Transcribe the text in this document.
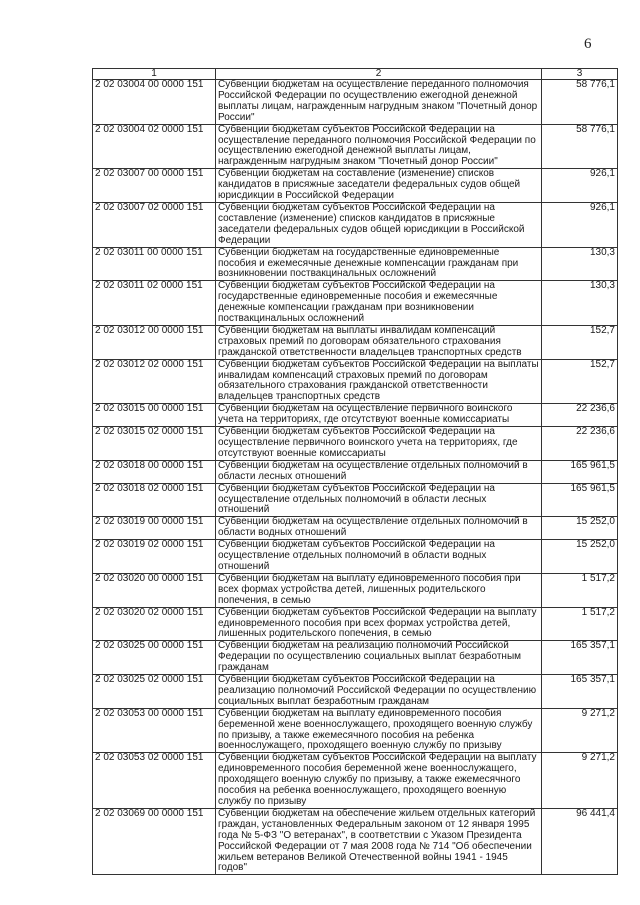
6
1	2	3
2 02 03004 00 0000 151	Субвенции бюджетам на осуществление переданного полномочия Российской Федерации по осуществлению ежегодной денежной выплаты лицам, награжденным нагрудным знаком "Почетный донор России"	58 776,1
2 02 03004 02 0000 151	Субвенции бюджетам субъектов Российской Федерации на осуществление переданного полномочия Российской Федерации по осуществлению ежегодной денежной выплаты лицам, награжденным нагрудным знаком "Почетный донор России"	58 776,1
2 02 03007 00 0000 151	Субвенции бюджетам на составление (изменение) списков кандидатов в присяжные заседатели федеральных судов общей юрисдикции в Российской Федерации	926,1
2 02 03007 02 0000 151	Субвенции бюджетам субъектов Российской Федерации на составление (изменение) списков кандидатов в присяжные заседатели федеральных судов общей юрисдикции в Российской Федерации	926,1
2 02 03011 00 0000 151	Субвенции бюджетам на государственные единовременные пособия и ежемесячные денежные компенсации гражданам при возникновении поствакцинальных осложнений	130,3
2 02 03011 02 0000 151	Субвенции бюджетам субъектов Российской Федерации на государственные единовременные пособия и ежемесячные денежные компенсации гражданам при возникновении поствакцинальных осложнений	130,3
2 02 03012 00 0000 151	Субвенции бюджетам на выплаты инвалидам компенсаций страховых премий по договорам обязательного страхования гражданской ответственности владельцев транспортных средств	152,7
2 02 03012 02 0000 151	Субвенции бюджетам субъектов Российской Федерации на выплаты инвалидам компенсаций страховых премий по договорам обязательного страхования гражданской ответственности владельцев транспортных средств	152,7
2 02 03015 00 0000 151	Субвенции бюджетам на осуществление первичного воинского учета на территориях, где отсутствуют военные комиссариаты	22 236,6
2 02 03015 02 0000 151	Субвенции бюджетам субъектов Российской Федерации на осуществление первичного воинского учета на территориях, где отсутствуют военные комиссариаты	22 236,6
2 02 03018 00 0000 151	Субвенции бюджетам на осуществление отдельных полномочий в области лесных отношений	165 961,5
2 02 03018 02 0000 151	Субвенции бюджетам субъектов Российской Федерации на осуществление отдельных полномочий в области лесных отношений	165 961,5
2 02 03019 00 0000 151	Субвенции бюджетам на осуществление отдельных полномочий в области водных отношений	15 252,0
2 02 03019 02 0000 151	Субвенции бюджетам субъектов Российской Федерации на осуществление отдельных полномочий в области водных отношений	15 252,0
2 02 03020 00 0000 151	Субвенции бюджетам на выплату единовременного пособия при всех формах устройства детей, лишенных родительского попечения, в семью	1 517,2
2 02 03020 02 0000 151	Субвенции бюджетам субъектов Российской Федерации на выплату единовременного пособия при всех формах устройства детей, лишенных родительского попечения, в семью	1 517,2
2 02 03025 00 0000 151	Субвенции бюджетам на реализацию полномочий Российской Федерации по осуществлению социальных выплат безработным гражданам	165 357,1
2 02 03025 02 0000 151	Субвенции бюджетам субъектов Российской Федерации на реализацию полномочий Российской Федерации по осуществлению социальных выплат безработным гражданам	165 357,1
2 02 03053 00 0000 151	Субвенции бюджетам на выплату единовременного пособия беременной жене военнослужащего, проходящего военную службу по призыву, а также ежемесячного пособия на ребенка военнослужащего, проходящего военную службу по призыву	9 271,2
2 02 03053 02 0000 151	Субвенции бюджетам субъектов Российской Федерации на выплату единовременного пособия беременной жене военнослужащего, проходящего военную службу по призыву, а также ежемесячного пособия на ребенка военнослужащего, проходящего военную службу по призыву	9 271,2
2 02 03069 00 0000 151	Субвенции бюджетам на обеспечение жильем отдельных категорий граждан, установленных Федеральным законом от 12 января 1995 года № 5-ФЗ "О ветеранах", в соответствии с Указом Президента Российской Федерации от 7 мая 2008 года № 714 "Об обеспечении жильем ветеранов Великой Отечественной войны 1941 - 1945 годов"	96 441,4
